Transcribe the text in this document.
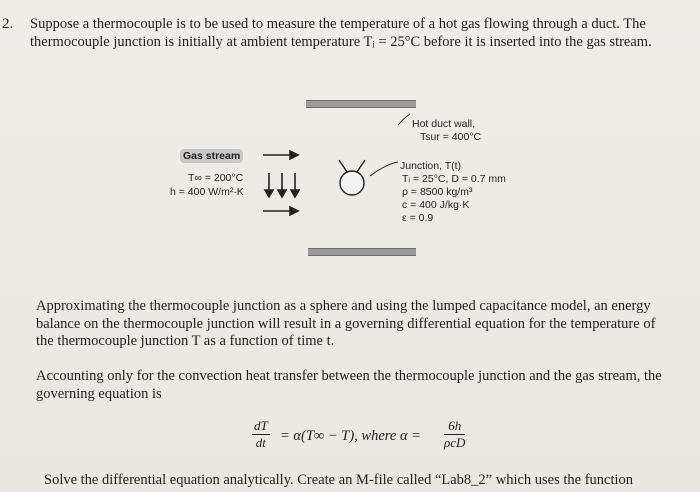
2. Suppose a thermocouple is to be used to measure the temperature of a hot gas flowing through a duct. The thermocouple junction is initially at ambient temperature Tᵢ = 25°C before it is inserted into the gas stream.
Gas stream
T∞ = 200°C
h = 400 W/m²·K
Hot duct wall,
Tsur = 400°C
Junction, T(t)
Tᵢ = 25°C, D = 0.7 mm
ρ = 8500 kg/m³
c = 400 J/kg·K
ε = 0.9
Approximating the thermocouple junction as a sphere and using the lumped capacitance model, an energy balance on the thermocouple junction will result in a governing differential equation for the temperature of the thermocouple junction T as a function of time t.
Accounting only for the convection heat transfer between the thermocouple junction and the gas stream, the governing equation is
$\frac{dT}{dt} = \alpha(T\infty - T)$, where α =
6h
ρcD
Solve the differential equation analytically. Create an M-file called “Lab8_2” which uses the function
